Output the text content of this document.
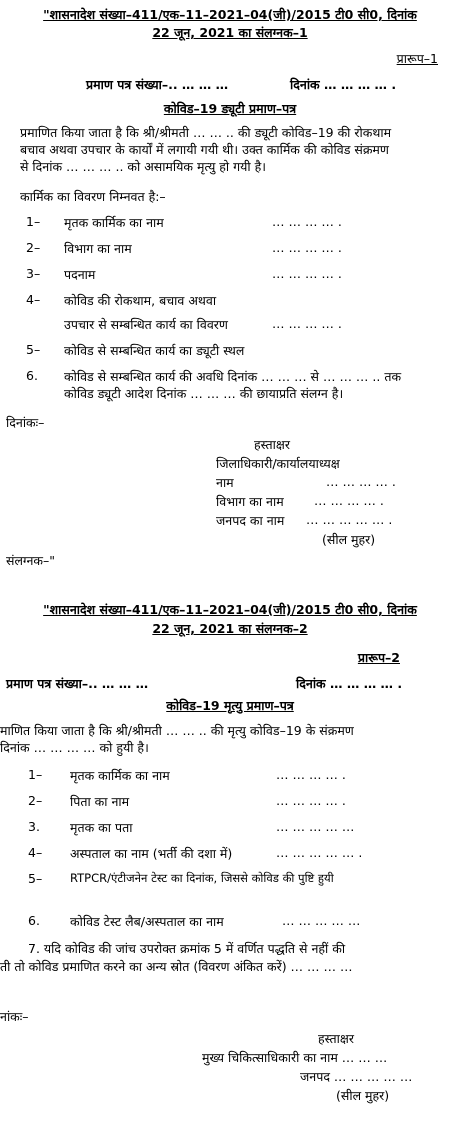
"शासनादेश संख्या–411/एक–11–2021–04(जी)/2015 टी0 सी0, दिनांक
22 जून, 2021 का संलग्नक–1
प्रारूप–1
प्रमाण पत्र संख्या–.. … … …	दिनांक … … … … .
कोविड–19 ड्यूटी प्रमाण–पत्र
प्रमाणित किया जाता है कि श्री/श्रीमती … … .. की ड्यूटी कोविड–19 की रोकथाम
बचाव अथवा उपचार के कार्यों में लगायी गयी थी। उक्त कार्मिक की कोविड संक्रमण
से दिनांक … … … .. को असामयिक मृत्यु हो गयी है।
कार्मिक का विवरण निम्नवत है:–
1– मृतक कार्मिक का नाम	… … … … .
2– विभाग का नाम	… … … … .
3– पदनाम	… … … … .
4– कोविड की रोकथाम, बचाव अथवा
उपचार से सम्बन्धित कार्य का विवरण	… … … … .
5– कोविड से सम्बन्धित कार्य का ड्यूटी स्थल
6. कोविड से सम्बन्धित कार्य की अवधि दिनांक … … … से … … … .. तक
कोविड ड्यूटी आदेश दिनांक … … … की छायाप्रति संलग्न है।
दिनांकः–
हस्ताक्षर
जिलाधिकारी/कार्यालयाध्यक्ष
नाम	… … … … .
विभाग का नाम … … … … .
जनपद का नाम … … … … … .
(सील मुहर)
संलग्नक–"
"शासनादेश संख्या–411/एक–11–2021–04(जी)/2015 टी0 सी0, दिनांक
22 जून, 2021 का संलग्नक–2
प्रारूप–2
प्रमाण पत्र संख्या–.. … … …	दिनांक … … … … .
कोविड–19 मृत्यु प्रमाण–पत्र
माणित किया जाता है कि श्री/श्रीमती … … .. की मृत्यु कोविड–19 के संक्रमण
दिनांक … … … … को हुयी है।
1– मृतक कार्मिक का नाम	… … … … .
2– पिता का नाम	… … … … .
3. मृतक का पता	… … … … …
4– अस्पताल का नाम (भर्ती की दशा में)	… … … … … .
5– RTPCR/एंटीजनेन टेस्ट का दिनांक, जिससे कोविड की पुष्टि हुयी
6. कोविड टेस्ट लैब/अस्पताल का नाम	… … … … …
7. यदि कोविड की जांच उपरोक्त क्रमांक 5 में वर्णित पद्धति से नहीं की
ती तो कोविड प्रमाणित करने का अन्य स्रोत (विवरण अंकित करें) … … … …
नांकः–
हस्ताक्षर
मुख्य चिकित्साधिकारी का नाम … … …
जनपद … … … … …
(सील मुहर)
